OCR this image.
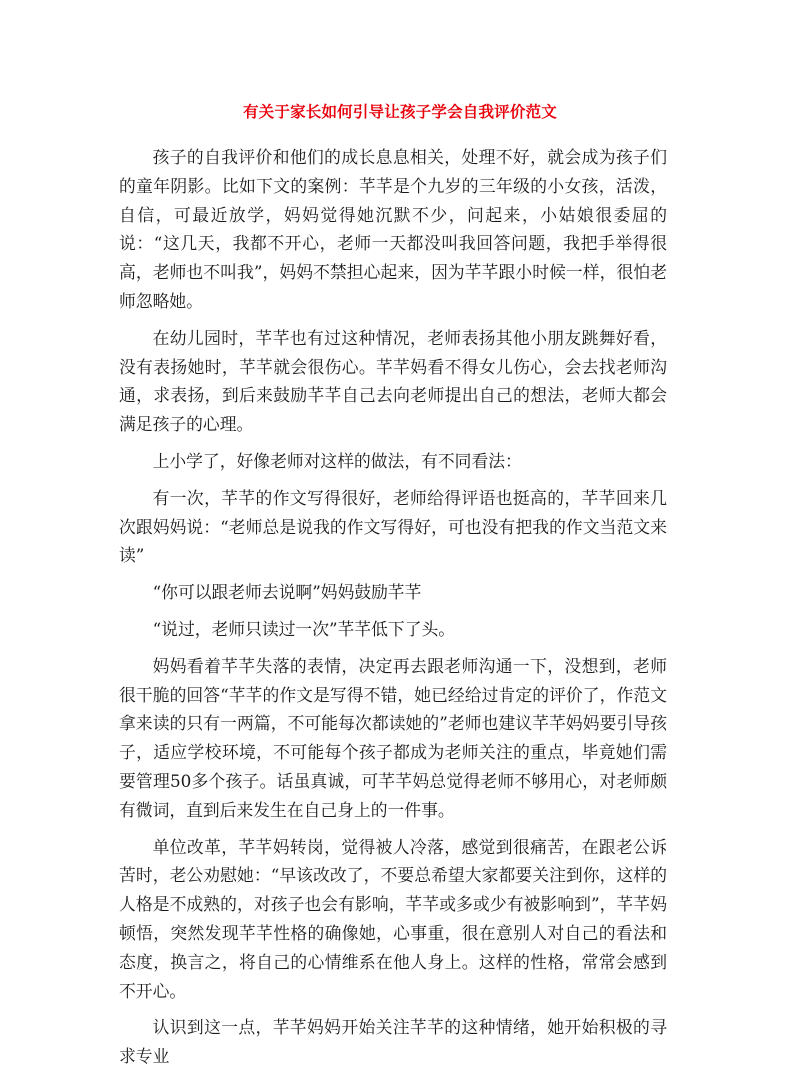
有关于家长如何引导让孩子学会自我评价范文

孩子的自我评价和他们的成长息息相关，处理不好，就会成为孩子们的童年阴影。比如下文的案例：芊芊是个九岁的三年级的小女孩，活泼，自信，可最近放学，妈妈觉得她沉默不少，问起来，小姑娘很委屈的说：“这几天，我都不开心，老师一天都没叫我回答问题，我把手举得很高，老师也不叫我”，妈妈不禁担心起来，因为芊芊跟小时候一样，很怕老师忽略她。

在幼儿园时，芊芊也有过这种情况，老师表扬其他小朋友跳舞好看，没有表扬她时，芊芊就会很伤心。芊芊妈看不得女儿伤心，会去找老师沟通，求表扬，到后来鼓励芊芊自己去向老师提出自己的想法，老师大都会满足孩子的心理。

上小学了，好像老师对这样的做法，有不同看法：

有一次，芊芊的作文写得很好，老师给得评语也挺高的，芊芊回来几次跟妈妈说：“老师总是说我的作文写得好，可也没有把我的作文当范文来读”

“你可以跟老师去说啊”妈妈鼓励芊芊

“说过，老师只读过一次”芊芊低下了头。

妈妈看着芊芊失落的表情，决定再去跟老师沟通一下，没想到，老师很干脆的回答“芊芊的作文是写得不错，她已经给过肯定的评价了，作范文拿来读的只有一两篇，不可能每次都读她的”老师也建议芊芊妈妈要引导孩子，适应学校环境，不可能每个孩子都成为老师关注的重点，毕竟她们需要管理50多个孩子。话虽真诚，可芊芊妈总觉得老师不够用心，对老师颇有微词，直到后来发生在自己身上的一件事。

单位改革，芊芊妈转岗，觉得被人冷落，感觉到很痛苦，在跟老公诉苦时，老公劝慰她：“早该改改了，不要总希望大家都要关注到你，这样的人格是不成熟的，对孩子也会有影响，芊芊或多或少有被影响到”，芊芊妈顿悟，突然发现芊芊性格的确像她，心事重，很在意别人对自己的看法和态度，换言之，将自己的心情维系在他人身上。这样的性格，常常会感到不开心。

认识到这一点，芊芊妈妈开始关注芊芊的这种情绪，她开始积极的寻求专业
